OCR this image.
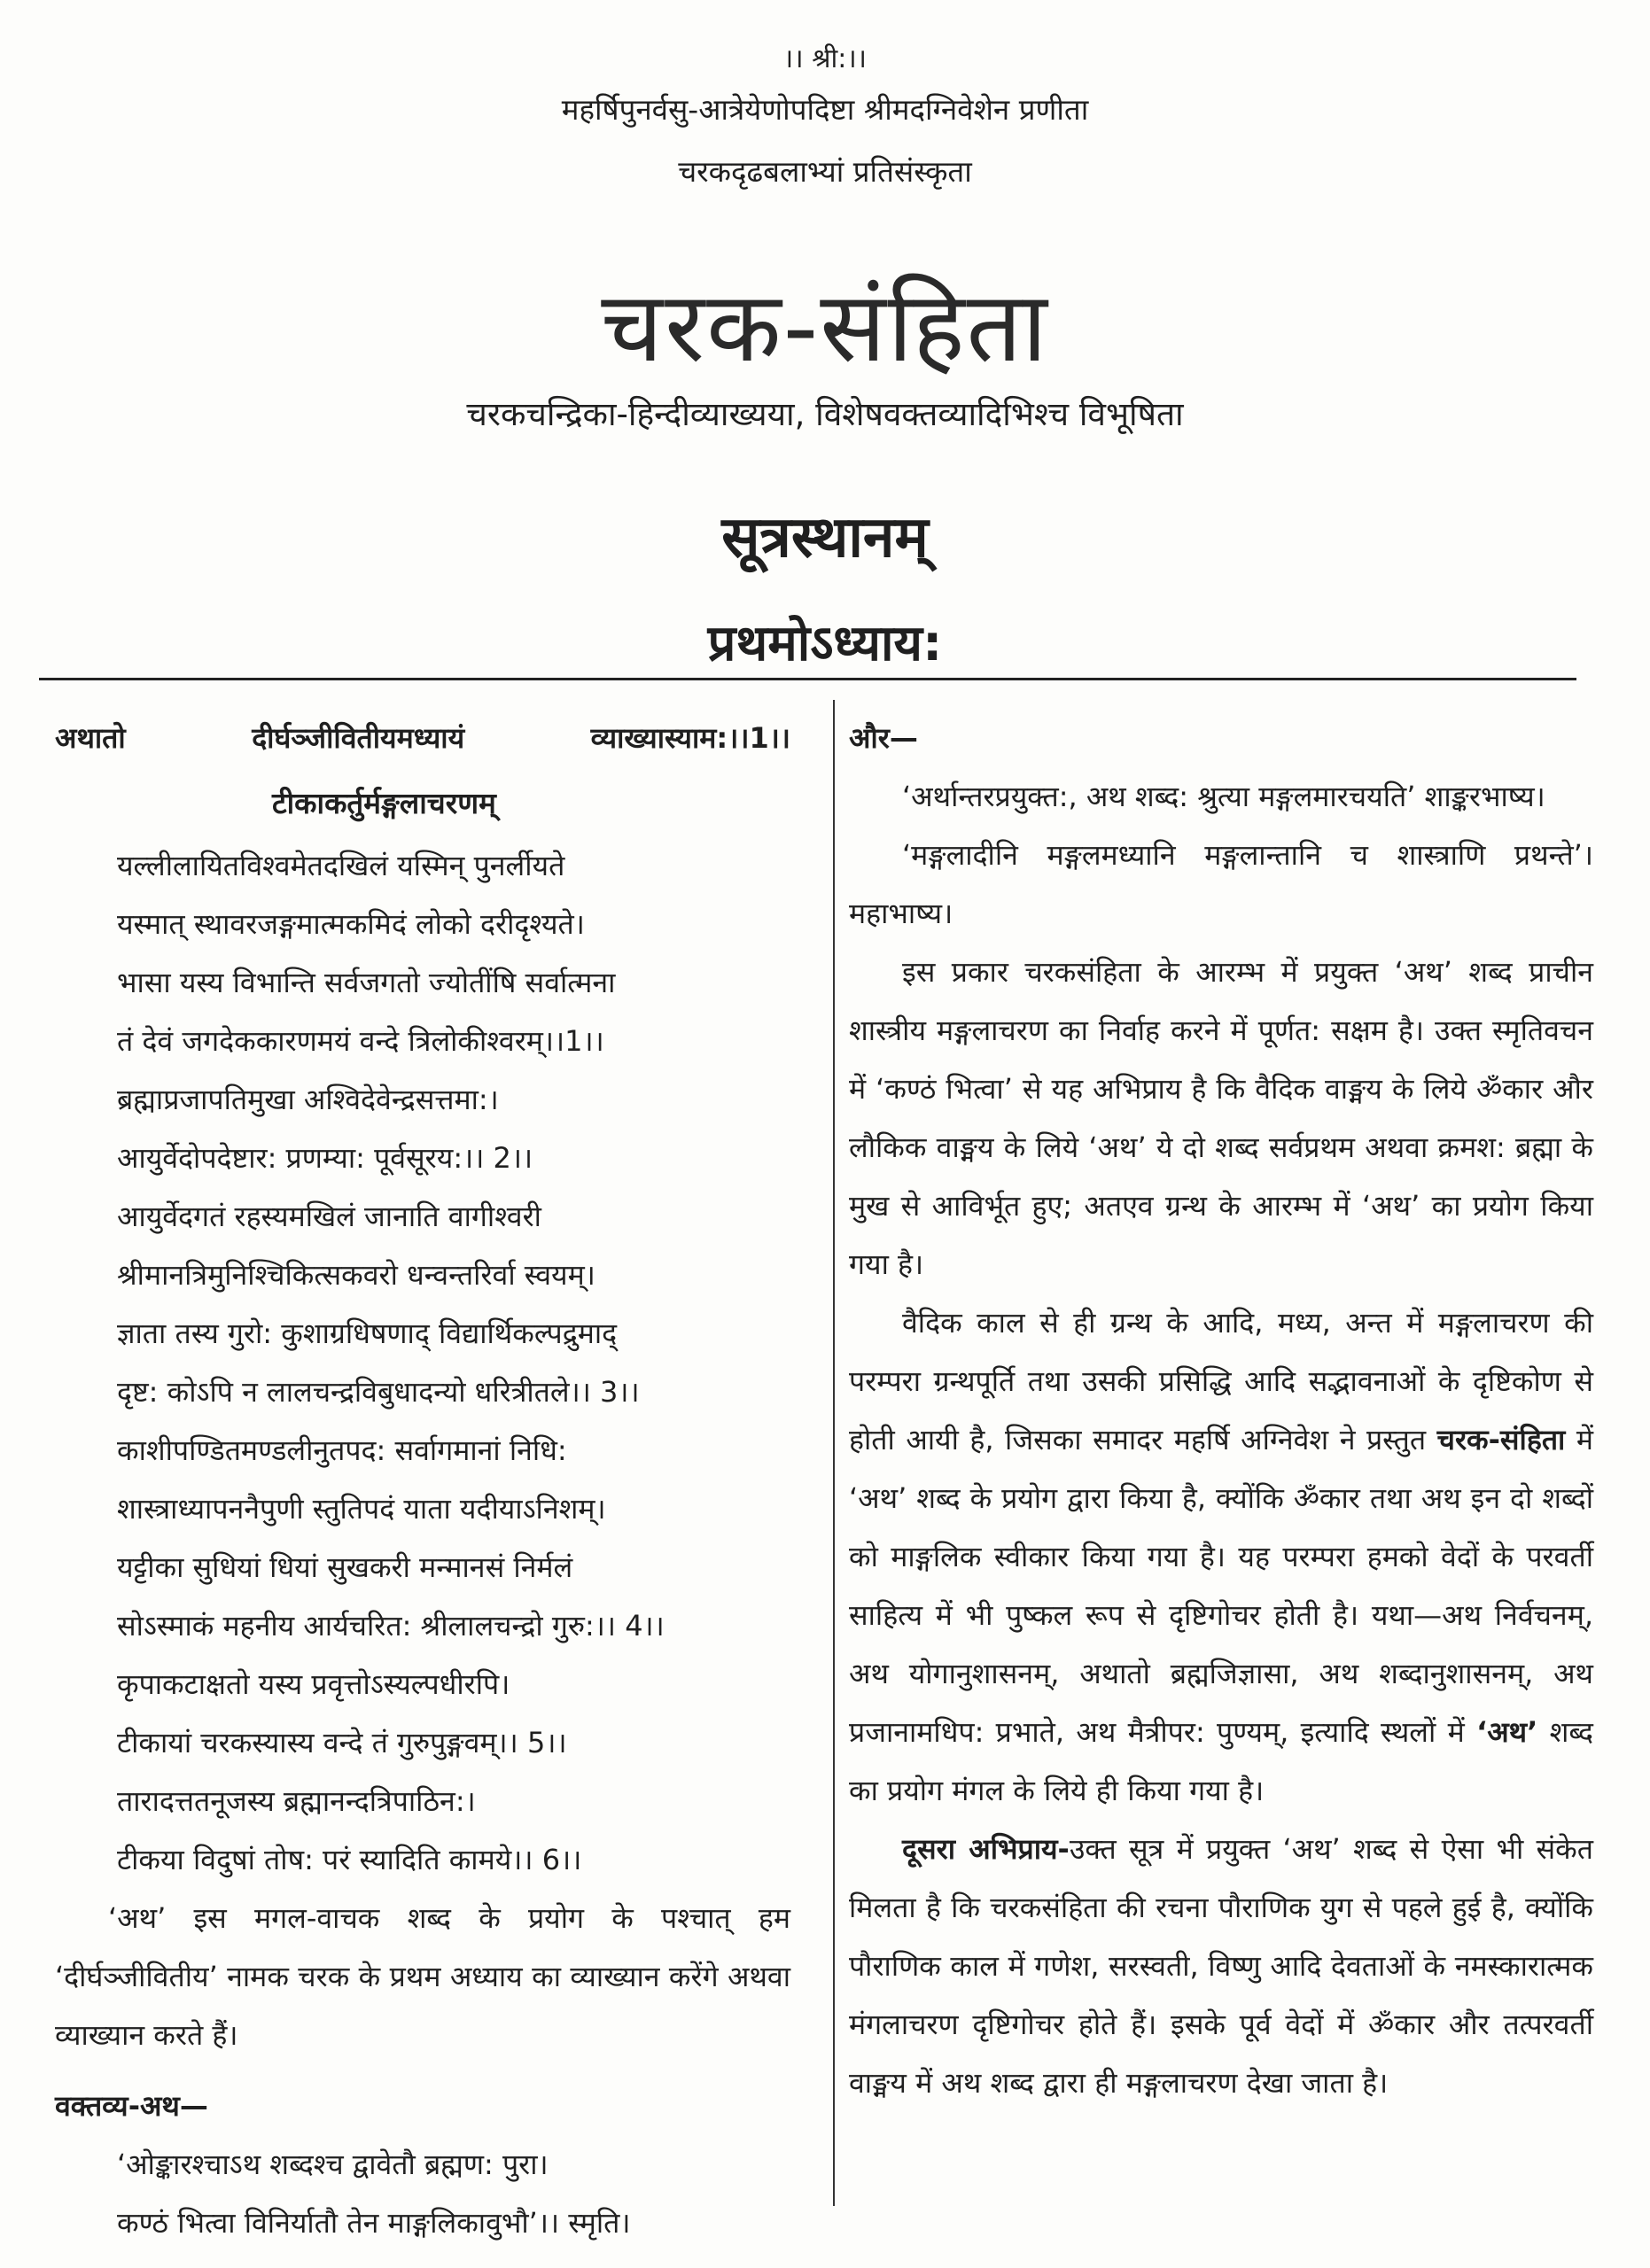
।। श्री:।।
महर्षिपुनर्वसु-आत्रेयेणोपदिष्टा श्रीमदग्निवेशेन प्रणीता
चरकदृढबलाभ्यां प्रतिसंस्कृता
चरक-संहिता
चरकचन्द्रिका-हिन्दीव्याख्यया, विशेषवक्तव्यादिभिश्च विभूषिता
सूत्रस्थानम्
प्रथमोऽध्याय:
अथातो	दीर्घञ्जीवितीयमध्यायं	व्याख्यास्याम:।।1।।
टीकाकर्तुर्मङ्गलाचरणम्

यल्लीलायितविश्वमेतदखिलं यस्मिन् पुनर्लीयते

यस्मात् स्थावरजङ्गमात्मकमिदं लोको दरीदृश्यते।

भासा यस्य विभान्ति सर्वजगतो ज्योतींषि सर्वात्मना

तं देवं जगदेककारणमयं वन्दे त्रिलोकीश्वरम्।।1।।

ब्रह्माप्रजापतिमुखा अश्विदेवेन्द्रसत्तमा:।

आयुर्वेदोपदेष्टार: प्रणम्या: पूर्वसूरय:।। 2।।

आयुर्वेदगतं रहस्यमखिलं जानाति वागीश्वरी

श्रीमानत्रिमुनिश्चिकित्सकवरो धन्वन्तरिर्वा स्वयम्।

ज्ञाता तस्य गुरो: कुशाग्रधिषणाद् विद्यार्थिकल्पद्रुमाद्

दृष्ट: कोऽपि न लालचन्द्रविबुधादन्यो धरित्रीतले।। 3।।

काशीपण्डितमण्डलीनुतपद: सर्वागमानां निधि:

शास्त्राध्यापननैपुणी स्तुतिपदं याता यदीयाऽनिशम्।

यट्टीका सुधियां धियां सुखकरी मन्मानसं निर्मलं

सोऽस्माकं महनीय आर्यचरित: श्रीलालचन्द्रो गुरु:।। 4।।

कृपाकटाक्षतो यस्य प्रवृत्तोऽस्यल्पधीरपि।

टीकायां चरकस्यास्य वन्दे तं गुरुपुङ्गवम्।। 5।।

तारादत्ततनूजस्य ब्रह्मानन्दत्रिपाठिन:।

टीकया विदुषां तोष: परं स्यादिति कामये।। 6।।

‘अथ’ इस मगल-वाचक शब्द के प्रयोग के पश्चात् हम ‘दीर्घञ्जीवितीय’ नामक चरक के प्रथम अध्याय का व्याख्यान करेंगे अथवा व्याख्यान करते हैं।

वक्तव्य-अथ—

‘ओङ्कारश्चाऽथ शब्दश्च द्वावेतौ ब्रह्मण: पुरा।

कण्ठं भित्वा विनिर्यातौ तेन माङ्गलिकावुभौ’।। स्मृति।

और—

‘अर्थान्तरप्रयुक्त:, अथ शब्द: श्रुत्या मङ्गलमारचयति’ शाङ्करभाष्य।

‘मङ्गलादीनि मङ्गलमध्यानि मङ्गलान्तानि च शास्त्राणि प्रथन्ते’। महाभाष्य।

इस प्रकार चरकसंहिता के आरम्भ में प्रयुक्त ‘अथ’ शब्द प्राचीन शास्त्रीय मङ्गलाचरण का निर्वाह करने में पूर्णत: सक्षम है। उक्त स्मृतिवचन में ‘कण्ठं भित्वा’ से यह अभिप्राय है कि वैदिक वाङ्मय के लिये ॐकार और लौकिक वाङ्मय के लिये ‘अथ’ ये दो शब्द सर्वप्रथम अथवा क्रमश: ब्रह्मा के मुख से आविर्भूत हुए; अतएव ग्रन्थ के आरम्भ में ‘अथ’ का प्रयोग किया गया है।

वैदिक काल से ही ग्रन्थ के आदि, मध्य, अन्त में मङ्गलाचरण की परम्परा ग्रन्थपूर्ति तथा उसकी प्रसिद्धि आदि सद्भावनाओं के दृष्टिकोण से होती आयी है, जिसका समादर महर्षि अग्निवेश ने प्रस्तुत चरक-संहिता में ‘अथ’ शब्द के प्रयोग द्वारा किया है, क्योंकि ॐकार तथा अथ इन दो शब्दों को माङ्गलिक स्वीकार किया गया है। यह परम्परा हमको वेदों के परवर्ती साहित्य में भी पुष्कल रूप से दृष्टिगोचर होती है। यथा—अथ निर्वचनम्, अथ योगानुशासनम्, अथातो ब्रह्मजिज्ञासा, अथ शब्दानुशासनम्, अथ प्रजानामधिप: प्रभाते, अथ मैत्रीपर: पुण्यम्, इत्यादि स्थलों में ‘अथ’ शब्द का प्रयोग मंगल के लिये ही किया गया है।

दूसरा अभिप्राय-उक्त सूत्र में प्रयुक्त ‘अथ’ शब्द से ऐसा भी संकेत मिलता है कि चरकसंहिता की रचना पौराणिक युग से पहले हुई है, क्योंकि पौराणिक काल में गणेश, सरस्वती, विष्णु आदि देवताओं के नमस्कारात्मक मंगलाचरण दृष्टिगोचर होते हैं। इसके पूर्व वेदों में ॐकार और तत्परवर्ती वाङ्मय में अथ शब्द द्वारा ही मङ्गलाचरण देखा जाता है।
